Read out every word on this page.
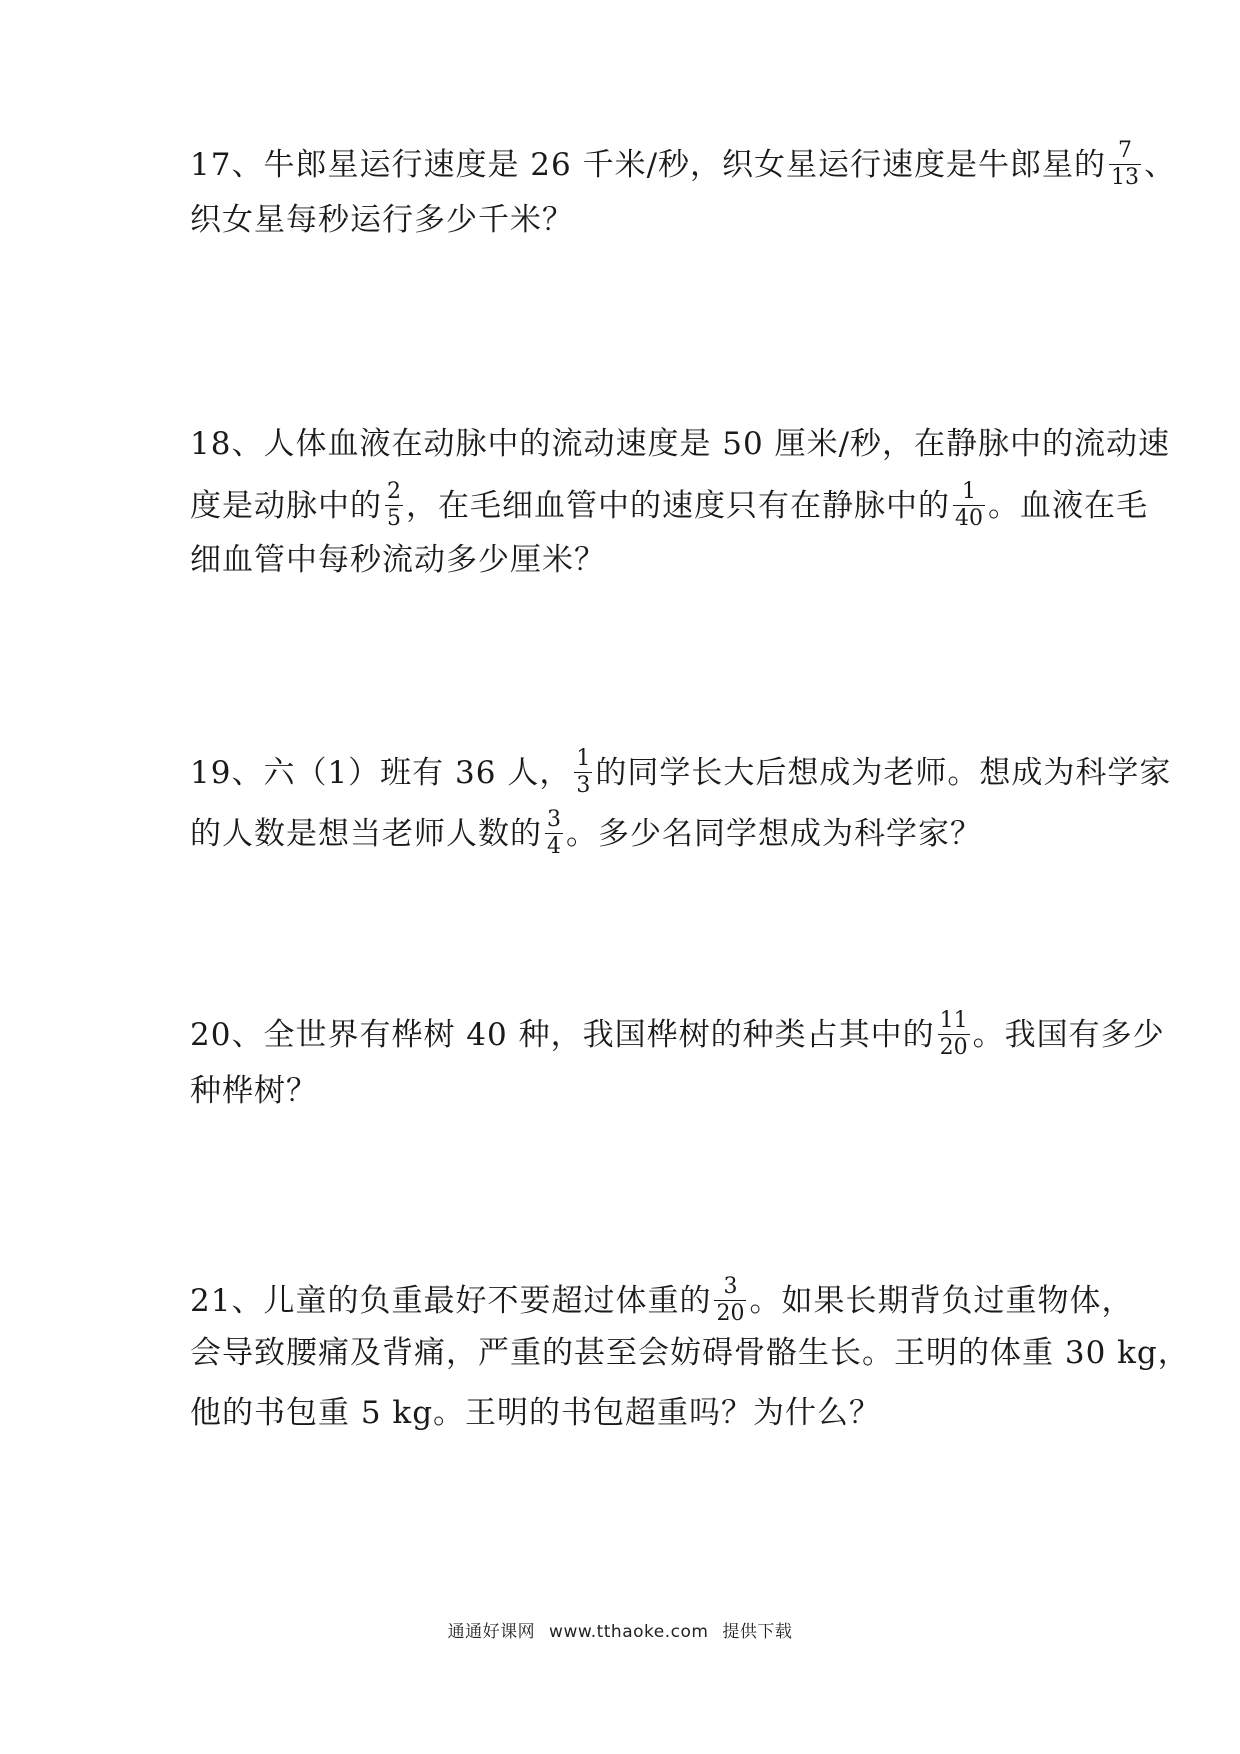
17、牛郎星运行速度是 26 千米/秒，织女星运行速度是牛郎星的 $\frac{7}{13}$ 、
织女星每秒运行多少千米？
18、人体血液在动脉中的流动速度是 50 厘米/秒，在静脉中的流动速
度是动脉中的 $\frac{2}{5}$ ，在毛细血管中的速度只有在静脉中的 $\frac{1}{40}$ 。血液在毛
细血管中每秒流动多少厘米？
19、六（1）班有 36 人， $\frac{1}{3}$ 的同学长大后想成为老师。想成为科学家
的人数是想当老师人数的 $\frac{3}{4}$ 。多少名同学想成为科学家？
20、全世界有桦树 40 种，我国桦树的种类占其中的 $\frac{11}{20}$ 。我国有多少
种桦树？
21、儿童的负重最好不要超过体重的 $\frac{3}{20}$ 。如果长期背负过重物体，
会导致腰痛及背痛，严重的甚至会妨碍骨骼生长。王明的体重 30 kg，
他的书包重 5 kg。王明的书包超重吗？为什么？
通通好课网 www.tthaoke.com 提供下载
